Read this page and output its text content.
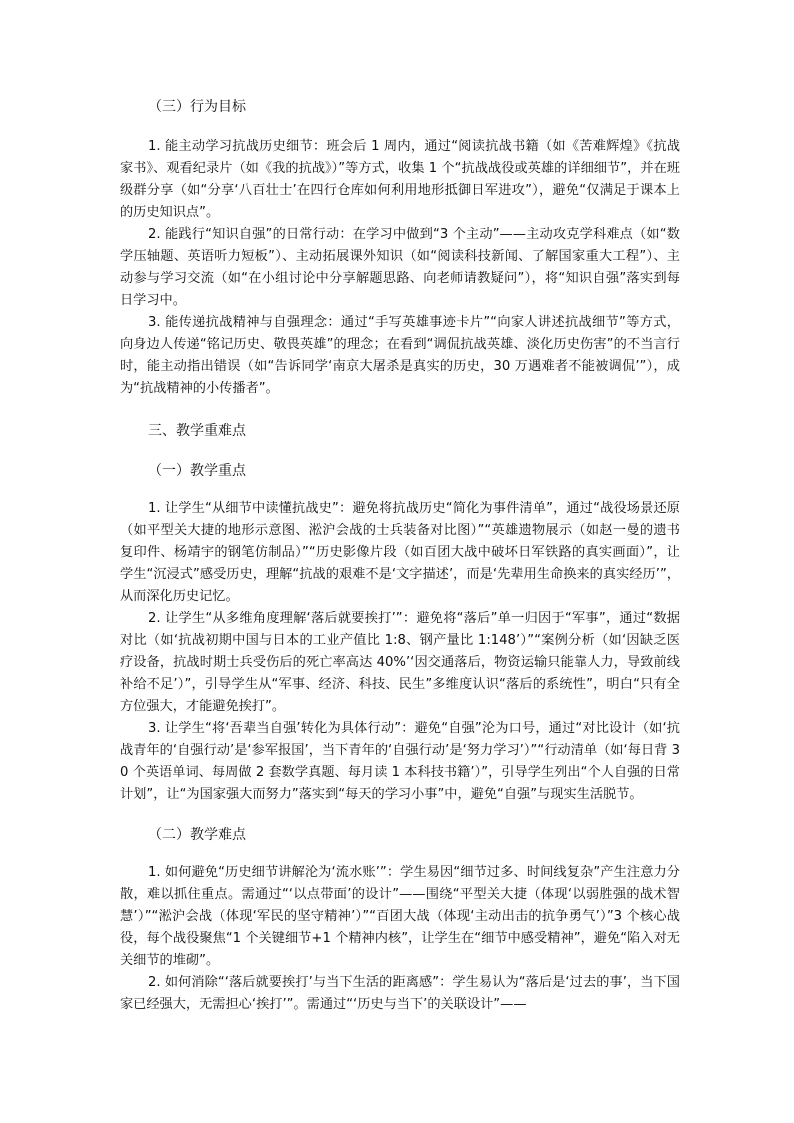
（三）行为目标

1. 能主动学习抗战历史细节：班会后 1 周内，通过“阅读抗战书籍（如《苦难辉煌》《抗战家书》、观看纪录片（如《我的抗战》）”等方式，收集 1 个“抗战战役或英雄的详细细节”，并在班级群分享（如“分享‘八百壮士’在四行仓库如何利用地形抵御日军进攻”），避免“仅满足于课本上的历史知识点”。

2. 能践行“知识自强”的日常行动：在学习中做到“3 个主动”——主动攻克学科难点（如“数学压轴题、英语听力短板”）、主动拓展课外知识（如“阅读科技新闻、了解国家重大工程”）、主动参与学习交流（如“在小组讨论中分享解题思路、向老师请教疑问”），将“知识自强”落实到每日学习中。

3. 能传递抗战精神与自强理念：通过“手写英雄事迹卡片”“向家人讲述抗战细节”等方式，向身边人传递“铭记历史、敬畏英雄”的理念；在看到“调侃抗战英雄、淡化历史伤害”的不当言行时，能主动指出错误（如“告诉同学‘南京大屠杀是真实的历史，30 万遇难者不能被调侃’”），成为“抗战精神的小传播者”。

三、教学重难点

（一）教学重点

1. 让学生“从细节中读懂抗战史”：避免将抗战历史“简化为事件清单”，通过“战役场景还原（如平型关大捷的地形示意图、淞沪会战的士兵装备对比图）”“英雄遗物展示（如赵一曼的遗书复印件、杨靖宇的钢笔仿制品）”“历史影像片段（如百团大战中破坏日军铁路的真实画面）”，让学生“沉浸式”感受历史，理解“抗战的艰难不是‘文字描述’，而是‘先辈用生命换来的真实经历’”，从而深化历史记忆。

2. 让学生“从多维角度理解‘落后就要挨打’”：避免将“落后”单一归因于“军事”，通过“数据对比（如‘抗战初期中国与日本的工业产值比 1:8、钢产量比 1:148’）”“案例分析（如‘因缺乏医疗设备，抗战时期士兵受伤后的死亡率高达 40%’‘因交通落后，物资运输只能靠人力，导致前线补给不足’）”，引导学生从“军事、经济、科技、民生”多维度认识“落后的系统性”，明白“只有全方位强大，才能避免挨打”。

3. 让学生“将‘吾辈当自强’转化为具体行动”：避免“自强”沦为口号，通过“对比设计（如‘抗战青年的‘自强行动’是‘参军报国’，当下青年的‘自强行动’是‘努力学习’）”“行动清单（如‘每日背 30 个英语单词、每周做 2 套数学真题、每月读 1 本科技书籍’）”，引导学生列出“个人自强的日常计划”，让“为国家强大而努力”落实到“每天的学习小事”中，避免“自强”与现实生活脱节。

（二）教学难点

1. 如何避免“历史细节讲解沦为‘流水账’”：学生易因“细节过多、时间线复杂”产生注意力分散，难以抓住重点。需通过“‘以点带面’的设计”——围绕“平型关大捷（体现‘以弱胜强的战术智慧’）”“淞沪会战（体现‘军民的坚守精神’）”“百团大战（体现‘主动出击的抗争勇气’）”3 个核心战役，每个战役聚焦“1 个关键细节+1 个精神内核”，让学生在“细节中感受精神”，避免“陷入对无关细节的堆砌”。

2. 如何消除“‘落后就要挨打’与当下生活的距离感”：学生易认为“落后是‘过去的事’，当下国家已经强大，无需担心‘挨打’”。需通过“‘历史与当下’的关联设计”——
